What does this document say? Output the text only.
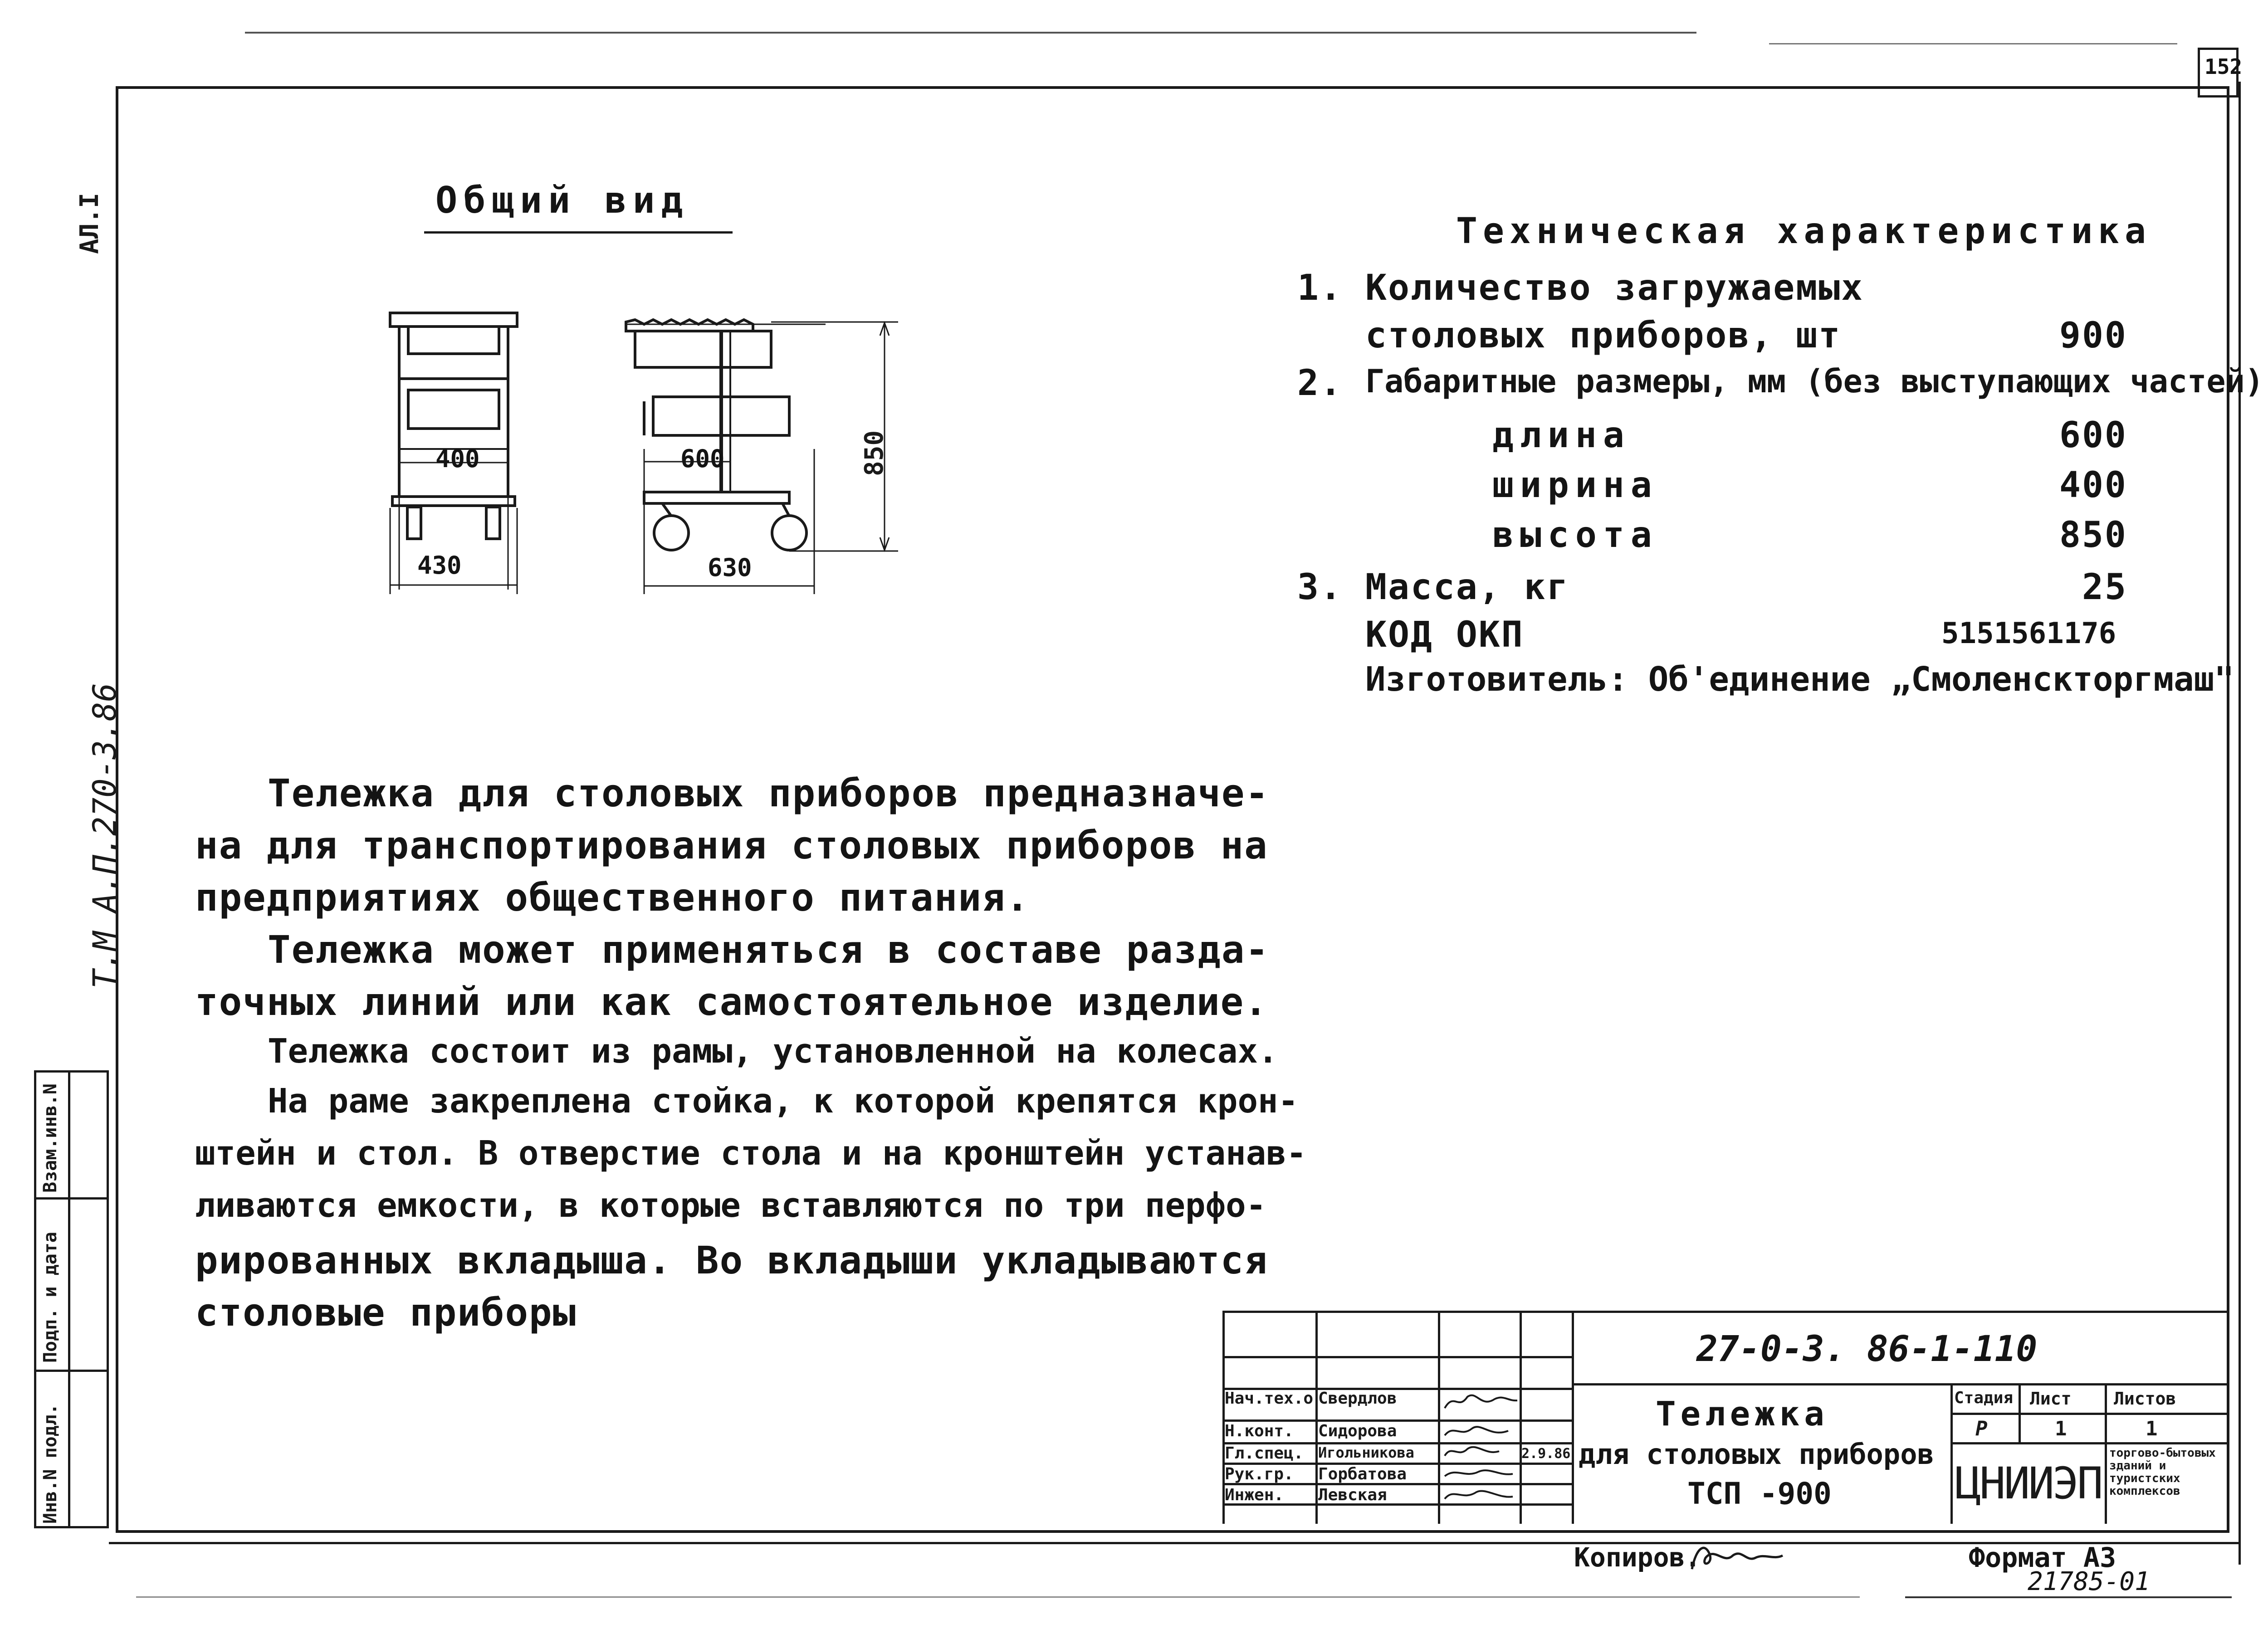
152
АЛ.I
Т.М А.П.270-3.86
Взам.инв.N
Подп. и дата
Инв.N подл.
Общий вид
400
430
600
630
850
Техническая характеристика
1. Количество загружаемых
столовых приборов, шт	900
2. Габаритные размеры, мм (без выступающих частей)
длина	600
ширина	400
высота	850
3. Масса, кг	25
КОД ОКП	5151561176
Изготовитель: Об'единение „Смоленскторгмаш"
Тележка для столовых приборов предназначе-
на для транспортирования столовых приборов на
предприятиях общественного питания.
Тележка может применяться в составе разда-
точных линий или как самостоятельное изделие.
Тележка состоит из рамы, установленной на колесах.
На раме закреплена стойка, к которой крепятся крон-
штейн и стол. В отверстие стола и на кронштейн устанав-
ливаются емкости, в которые вставляются по три перфо-
рированных вкладыша. Во вкладыши укладываются
столовые приборы
27-0-3. 86-1-110
Тележка
для столовых приборов
ТСП -900
Стадия Лист Листов
Р	1	1
ЦНИИЭП
торгово-бытовых зданий и туристских комплексов
Нач.тех.о Свердлов
Н.конт. Сидорова
Гл.спец. Игольникова	2.9.86
Рук.гр. Горбатова
Инжен. Левская
Копиров.	Формат А3
21785-01
